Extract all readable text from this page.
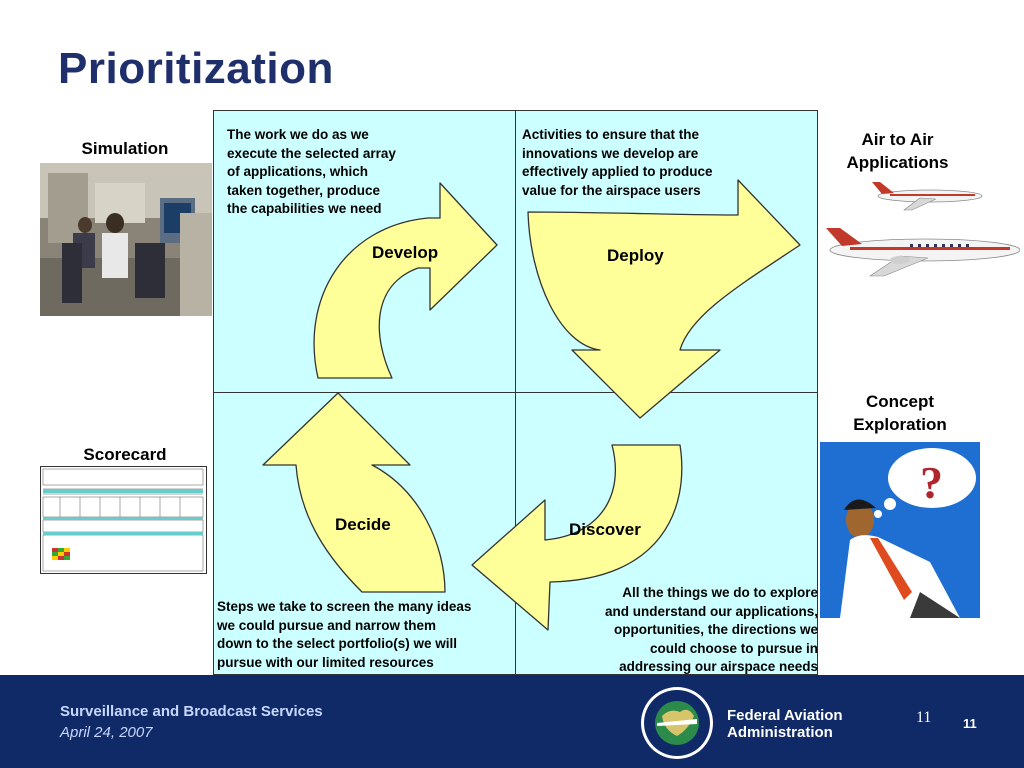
Prioritization
Develop	Deploy
Decide	Discover
The work we do as we
execute the selected array
of applications, which
taken together, produce
the capabilities we need
Activities to ensure that the
innovations we develop are
effectively applied to produce
value for the airspace users
Steps we take to screen the many ideas
we could pursue and narrow them
down to the select portfolio(s) we will
pursue with our limited resources
All the things we do to explore
and understand our applications,
opportunities, the directions we
could choose to pursue in
addressing our airspace needs
Simulation
Scorecard
Air to Air
Applications
Concept
Exploration
?
Surveillance and Broadcast Services
April 24, 2007
Federal Aviation
Administration
11 11
